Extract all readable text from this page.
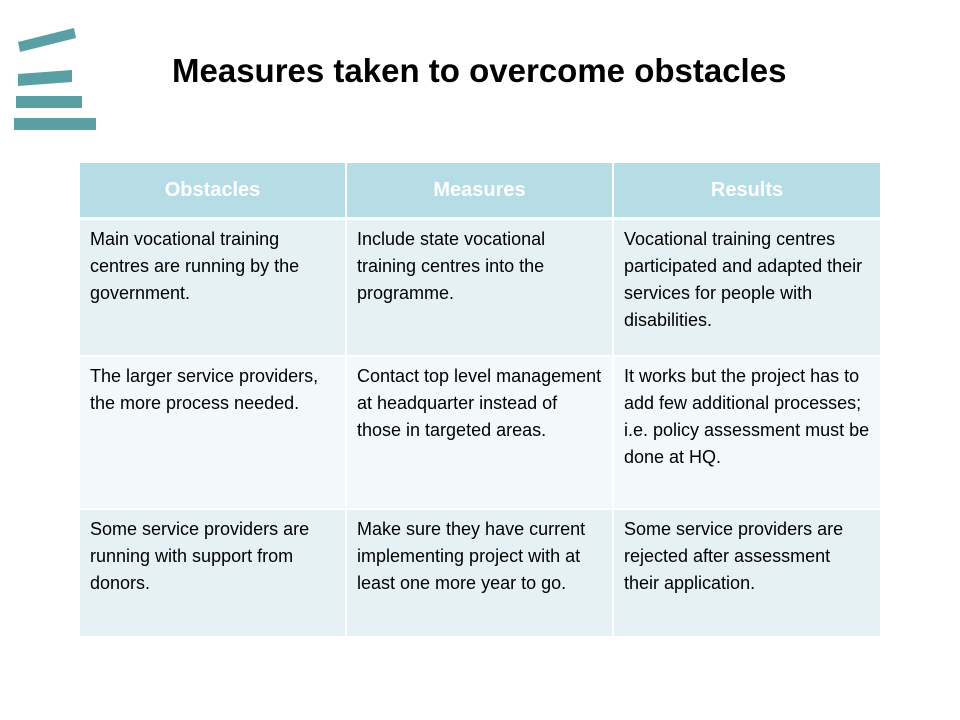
Measures taken to overcome obstacles
Obstacles	Measures	Results
Main vocational training centres are running by the government.	Include state vocational training centres into the programme.	Vocational training centres participated and adapted their services for people with disabilities.
The larger service providers, the more process needed.	Contact top level management at headquarter instead of those in targeted areas.	It works but the project has to add few additional processes; i.e. policy assessment must be done at HQ.
Some service providers are running with support from donors.	Make sure they have current implementing project with at least one more year to go.	Some service providers are rejected after assessment their application.
